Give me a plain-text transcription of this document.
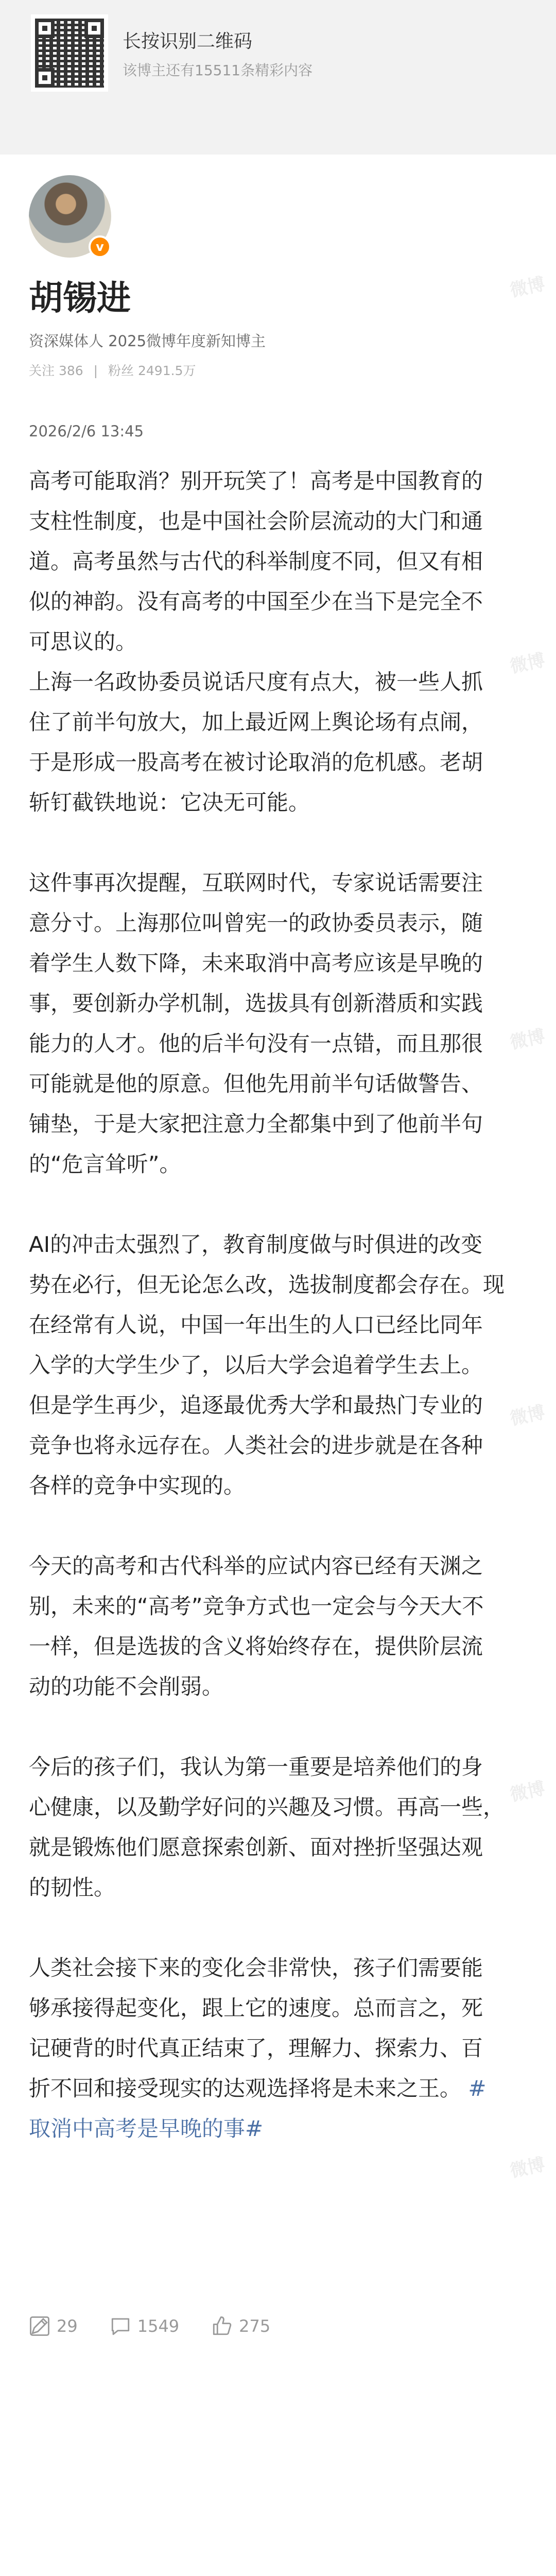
长按识别二维码
该博主还有15511条精彩内容
v
胡锡进
资深媒体人 2025微博年度新知博主
关注 386 | 粉丝 2491.5万
2026/2/6 13:45

高考可能取消？别开玩笑了！高考是中国教育的

支柱性制度，也是中国社会阶层流动的大门和通

道。高考虽然与古代的科举制度不同，但又有相

似的神韵。没有高考的中国至少在当下是完全不

可思议的。

上海一名政协委员说话尺度有点大，被一些人抓

住了前半句放大，加上最近网上舆论场有点闹，

于是形成一股高考在被讨论取消的危机感。老胡

斩钉截铁地说：它决无可能。

这件事再次提醒，互联网时代，专家说话需要注

意分寸。上海那位叫曾宪一的政协委员表示，随

着学生人数下降，未来取消中高考应该是早晚的

事，要创新办学机制，选拔具有创新潜质和实践

能力的人才。他的后半句没有一点错，而且那很

可能就是他的原意。但他先用前半句话做警告、

铺垫，于是大家把注意力全都集中到了他前半句

的“危言耸听”。

AI的冲击太强烈了，教育制度做与时俱进的改变

势在必行，但无论怎么改，选拔制度都会存在。现

在经常有人说，中国一年出生的人口已经比同年

入学的大学生少了，以后大学会追着学生去上。

但是学生再少，追逐最优秀大学和最热门专业的

竞争也将永远存在。人类社会的进步就是在各种

各样的竞争中实现的。

今天的高考和古代科举的应试内容已经有天渊之

别，未来的“高考”竞争方式也一定会与今天大不

一样，但是选拔的含义将始终存在，提供阶层流

动的功能不会削弱。

今后的孩子们，我认为第一重要是培养他们的身

心健康，以及勤学好问的兴趣及习惯。再高一些，

就是锻炼他们愿意探索创新、面对挫折坚强达观

的韧性。

人类社会接下来的变化会非常快，孩子们需要能

够承接得起变化，跟上它的速度。总而言之，死

记硬背的时代真正结束了，理解力、探索力、百

折不回和接受现实的达观选择将是未来之王。 #

取消中高考是早晚的事#

微博
微博
微博
微博
微博
微博
29	1549	275
